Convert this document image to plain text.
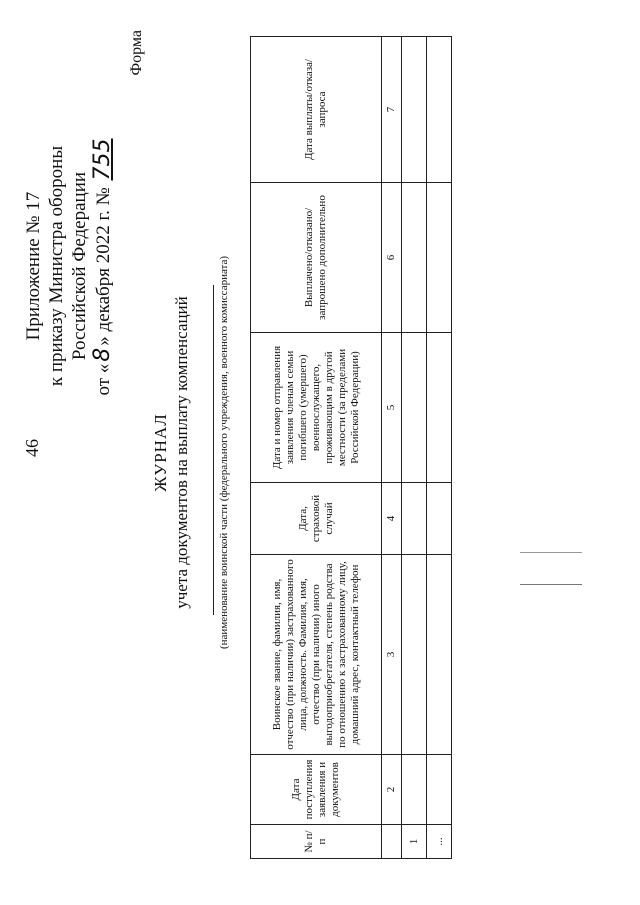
46
Приложение № 17 к приказу Министра обороны Российской Федерации
от «8» декабря 2022 г. № 755
Форма
ЖУРНАЛ учета документов на выплату компенсаций (наименование воинской части (федерального учреждения, военного комиссариата)
№ п/п	Дата поступления заявления и документов	Воинское звание, фамилия, имя, отчество (при наличии) застрахованного лица, должность. Фамилия, имя, отчество (при наличии) иного выгодоприобретателя, степень родства по отношению к застрахованному лицу, домашний адрес, контактный телефон	Дата, страховой случай	Дата и номер отправления заявления членам семьи погибшего (умершего) военнослужащего, проживающим в другой местности (за пределами Российской Федерации)	Выплачено/отказано/ запрошено дополнительно	Дата выплаты/отказа/ запроса
	2	3	4	5	6	7
1						
...						
